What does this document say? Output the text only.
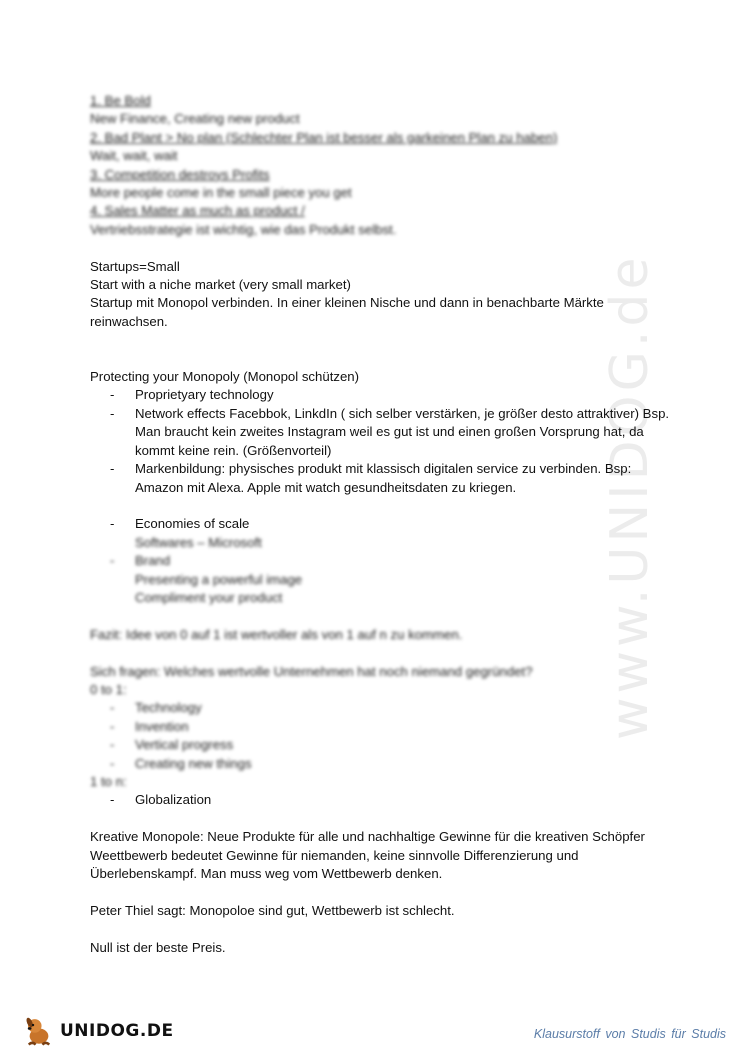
www.UNIDOG.de

1. Be Bold

New Finance, Creating new product

2. Bad Plant > No plan (Schlechter Plan ist besser als garkeinen Plan zu haben)

Wait, wait, wait

3. Competition destroys Profits

More people come in the small piece you get

4. Sales Matter as much as product /

Vertriebsstrategie ist wichtig, wie das Produkt selbst.

Startups=Small

Start with a niche market (very small market)

Startup mit Monopol verbinden. In einer kleinen Nische und dann in benachbarte Märkte reinwachsen.

Protecting your Monopoly (Monopol schützen)

- Proprietyary technology
- Network effects Facebbok, LinkdIn ( sich selber verstärken, je größer desto attraktiver) Bsp. Man braucht kein zweites Instagram weil es gut ist und einen großen Vorsprung hat, da kommt keine rein. (Größenvorteil)
- Markenbildung: physisches produkt mit klassisch digitalen service zu verbinden. Bsp: Amazon mit Alexa. Apple mit watch gesundheitsdaten zu kriegen.
- Economies of scale

Softwares – Microsoft

- Brand

Presenting a powerful image

Compliment your product

Fazit: Idee von 0 auf 1 ist wertvoller als von 1 auf n zu kommen.

Sich fragen: Welches wertvolle Unternehmen hat noch niemand gegründet?

0 to 1:

- Technology
- Invention
- Vertical progress
- Creating new things

1 to n:

- Globalization

Kreative Monopole: Neue Produkte für alle und nachhaltige Gewinne für die kreativen Schöpfer

Weettbewerb bedeutet Gewinne für niemanden, keine sinnvolle Differenzierung und Überlebenskampf. Man muss weg vom Wettbewerb denken.

Peter Thiel sagt: Monopoloe sind gut, Wettbewerb ist schlecht.

Null ist der beste Preis.

UNIDOG.DE	Klausurstoff von Studis für Studis
